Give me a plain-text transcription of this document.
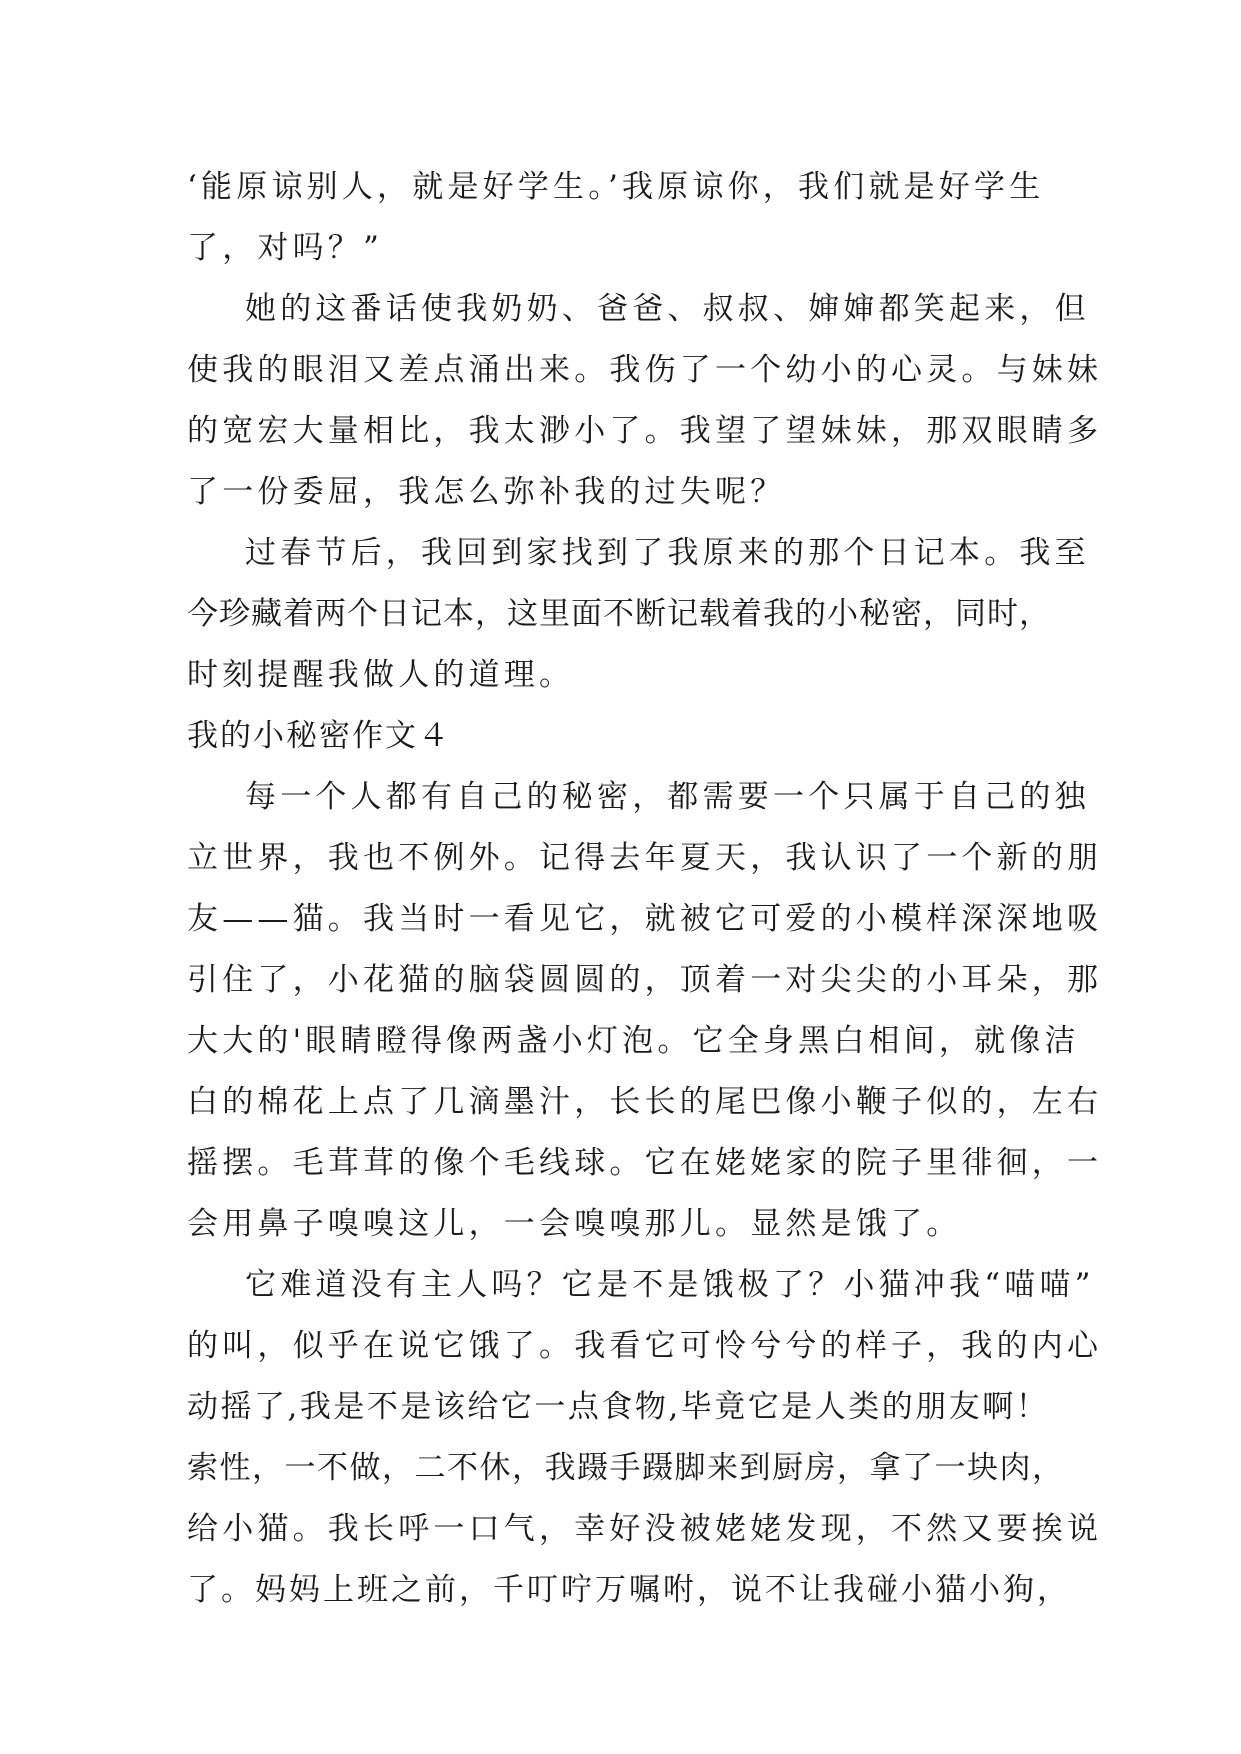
‘能原谅别人，就是好学生。’我原谅你，我们就是好学生
了，对吗？”
她的这番话使我奶奶、爸爸、叔叔、婶婶都笑起来，但
使我的眼泪又差点涌出来。我伤了一个幼小的心灵。与妹妹
的宽宏大量相比，我太渺小了。我望了望妹妹，那双眼睛多
了一份委屈，我怎么弥补我的过失呢？
过春节后，我回到家找到了我原来的那个日记本。我至
今珍藏着两个日记本，这里面不断记载着我的小秘密，同时，
时刻提醒我做人的道理。
我的小秘密作文４
每一个人都有自己的秘密，都需要一个只属于自己的独
立世界，我也不例外。记得去年夏天，我认识了一个新的朋
友——猫。我当时一看见它，就被它可爱的小模样深深地吸
引住了，小花猫的脑袋圆圆的，顶着一对尖尖的小耳朵，那
大大的'眼睛瞪得像两盏小灯泡。它全身黑白相间，就像洁
白的棉花上点了几滴墨汁，长长的尾巴像小鞭子似的，左右
摇摆。毛茸茸的像个毛线球。它在姥姥家的院子里徘徊，一
会用鼻子嗅嗅这儿，一会嗅嗅那儿。显然是饿了。
它难道没有主人吗？它是不是饿极了？小猫冲我“喵喵”
的叫，似乎在说它饿了。我看它可怜兮兮的样子，我的内心
动摇了,我是不是该给它一点食物,毕竟它是人类的朋友啊！
索性，一不做，二不休，我蹑手蹑脚来到厨房，拿了一块肉，
给小猫。我长呼一口气，幸好没被姥姥发现，不然又要挨说
了。妈妈上班之前，千叮咛万嘱咐，说不让我碰小猫小狗，
